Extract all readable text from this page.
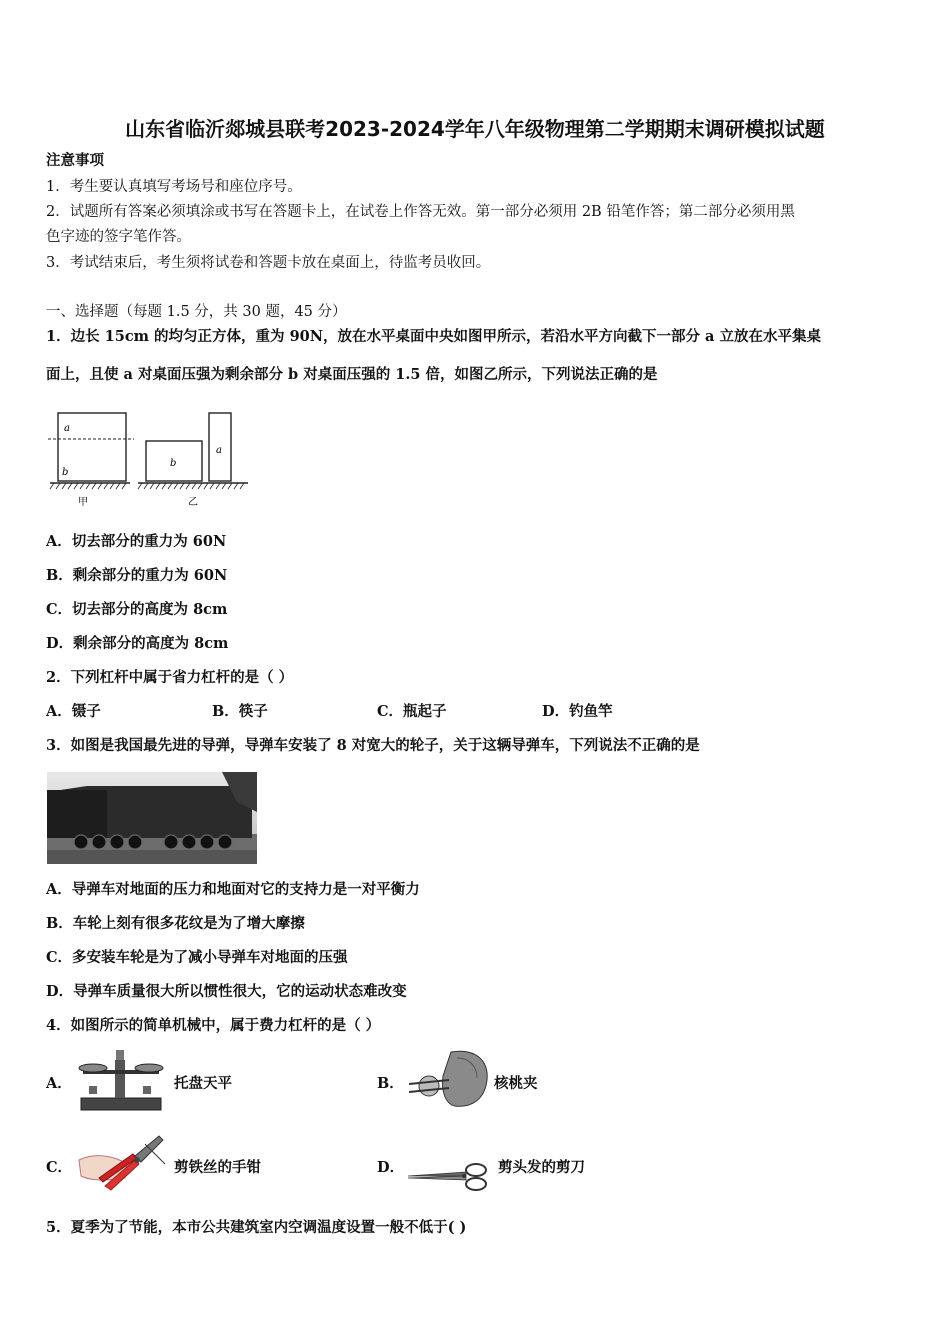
山东省临沂郯城县联考2023-2024学年八年级物理第二学期期末调研模拟试题
注意事项
1．考生要认真填写考场号和座位序号。
2．试题所有答案必须填涂或书写在答题卡上，在试卷上作答无效。第一部分必须用 2B 铅笔作答；第二部分必须用黑
色字迹的签字笔作答。
3．考试结束后，考生须将试卷和答题卡放在桌面上，待监考员收回。
一、选择题（每题 1.5 分，共 30 题，45 分）
1．边长 15cm 的均匀正方体，重为 90N，放在水平桌面中央如图甲所示，若沿水平方向截下一部分 a 立放在水平集桌
面上，且使 a 对桌面压强为剩余部分 b 对桌面压强的 1.5 倍，如图乙所示，下列说法正确的是
a
b
甲
b
a
乙
A．切去部分的重力为 60N
B．剩余部分的重力为 60N
C．切去部分的高度为 8cm
D．剩余部分的高度为 8cm
2．下列杠杆中属于省力杠杆的是（ ）
A．镊子	B．筷子	C．瓶起子	D．钓鱼竿
3．如图是我国最先进的导弹，导弹车安装了 8 对宽大的轮子，关于这辆导弹车，下列说法不正确的是
A．导弹车对地面的压力和地面对它的支持力是一对平衡力
B．车轮上刻有很多花纹是为了增大摩擦
C．多安装车轮是为了减小导弹车对地面的压强
D．导弹车质量很大所以惯性很大，它的运动状态难改变
4．如图所示的简单机械中，属于费力杠杆的是（ ）
A．	托盘天平	B．	核桃夹
C．	剪铁丝的手钳	D．	剪头发的剪刀
5．夏季为了节能，本市公共建筑室内空调温度设置一般不低于( )
